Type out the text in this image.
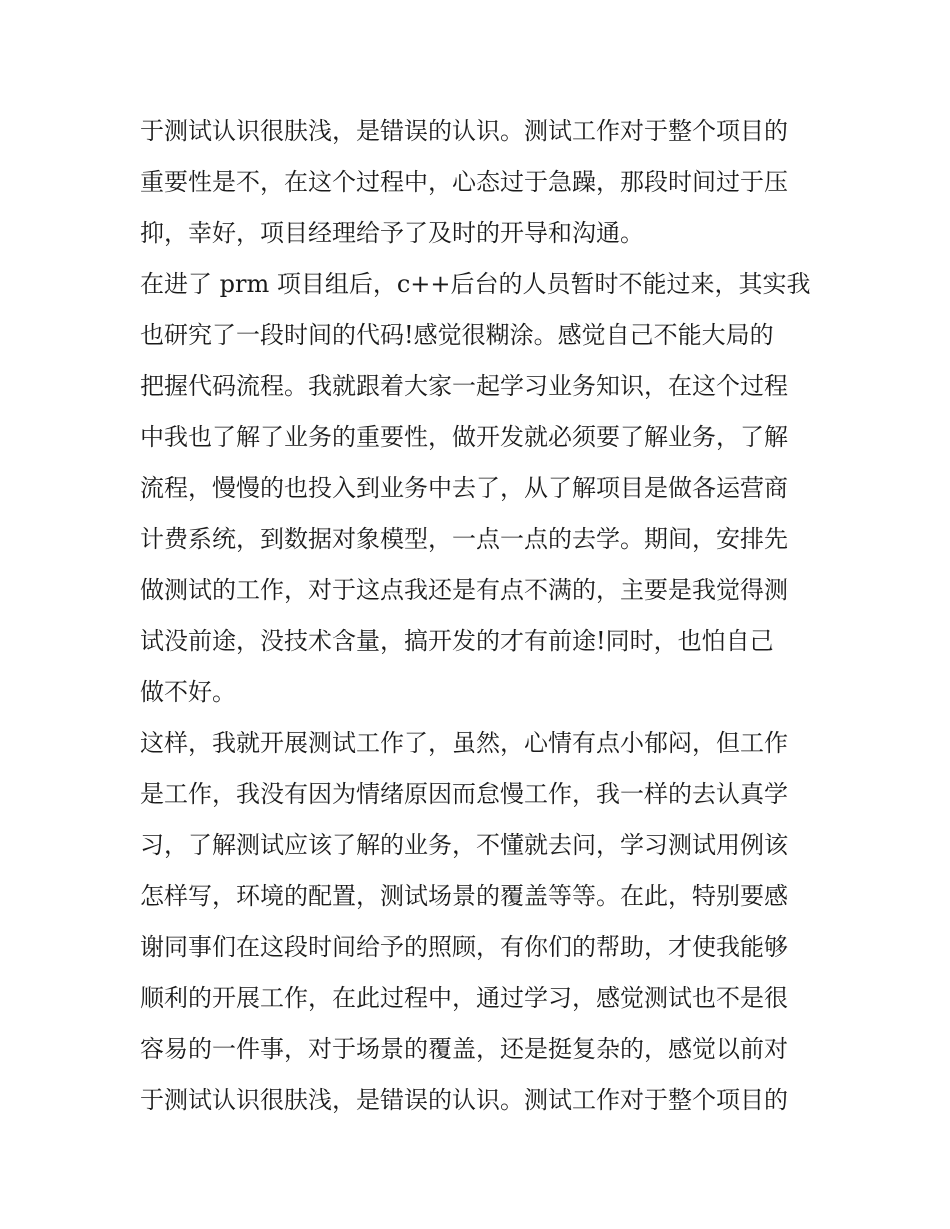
于测试认识很肤浅，是错误的认识。测试工作对于整个项目的
重要性是不，在这个过程中，心态过于急躁，那段时间过于压
抑，幸好，项目经理给予了及时的开导和沟通。
在进了 prm 项目组后，c++后台的人员暂时不能过来，其实我
也研究了一段时间的代码!感觉很糊涂。感觉自己不能大局的
把握代码流程。我就跟着大家一起学习业务知识，在这个过程
中我也了解了业务的重要性，做开发就必须要了解业务，了解
流程，慢慢的也投入到业务中去了，从了解项目是做各运营商
计费系统，到数据对象模型，一点一点的去学。期间，安排先
做测试的工作，对于这点我还是有点不满的，主要是我觉得测
试没前途，没技术含量，搞开发的才有前途!同时，也怕自己
做不好。
这样，我就开展测试工作了，虽然，心情有点小郁闷，但工作
是工作，我没有因为情绪原因而怠慢工作，我一样的去认真学
习，了解测试应该了解的业务，不懂就去问，学习测试用例该
怎样写，环境的配置，测试场景的覆盖等等。在此，特别要感
谢同事们在这段时间给予的照顾，有你们的帮助，才使我能够
顺利的开展工作，在此过程中，通过学习，感觉测试也不是很
容易的一件事，对于场景的覆盖，还是挺复杂的，感觉以前对
于测试认识很肤浅，是错误的认识。测试工作对于整个项目的
